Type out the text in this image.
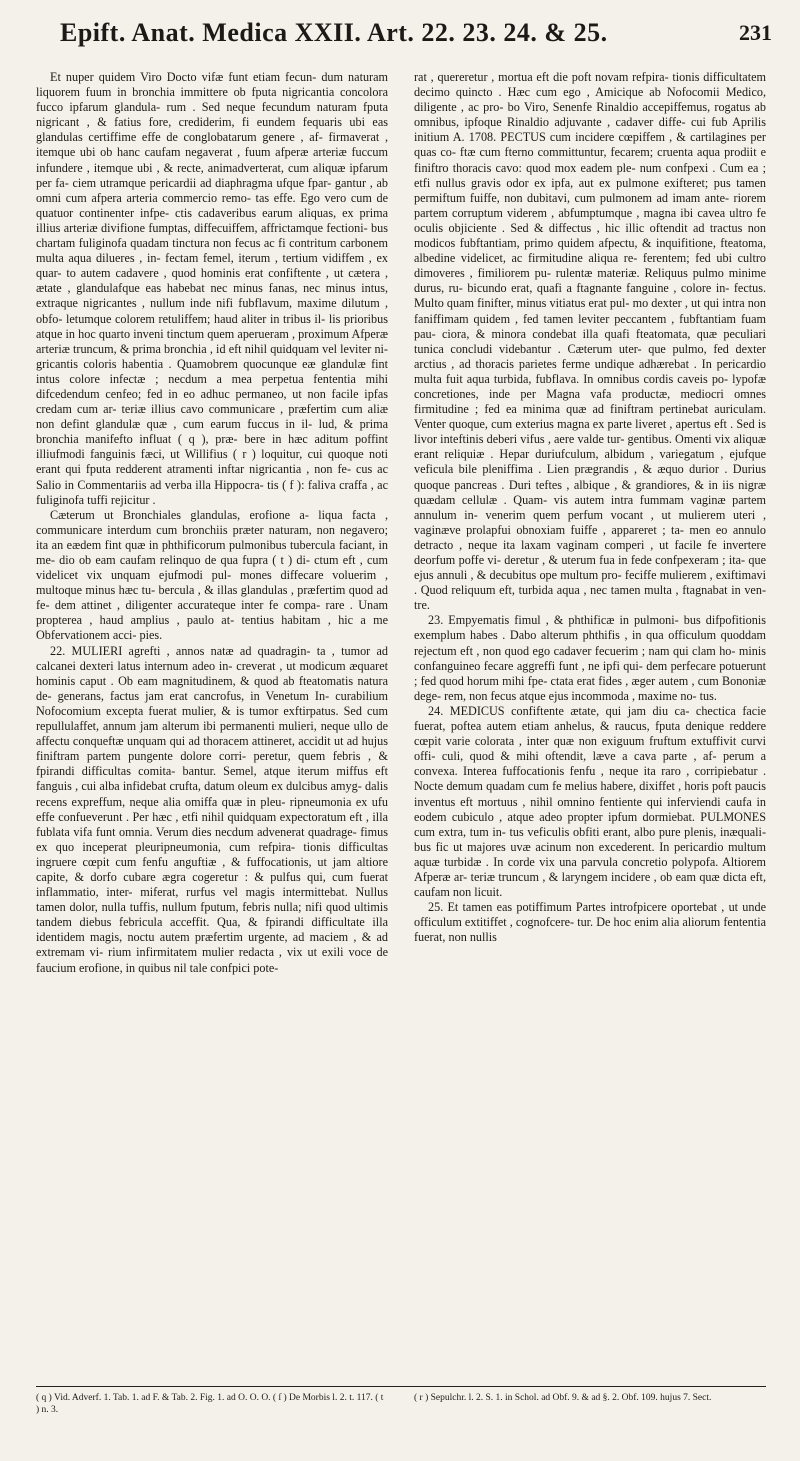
Epift. Anat. Medica XXII. Art. 22. 23. 24. & 25.	231

Et nuper quidem Viro Docto vifæ funt etiam fecun- dum naturam liquorem fuum in bronchia immittere ob fputa nigricantia concolora fucco ipfarum glandula- rum . Sed neque fecundum naturam fputa nigricant , & fatius fore, crediderim, fi eundem fequaris ubi eas glandulas certiffime effe de conglobatarum genere , af- firmaverat , itemque ubi ob hanc caufam negaverat , fuum afperæ arteriæ fuccum infundere , itemque ubi , & recte, animadverterat, cum aliquæ ipfarum per fa- ciem utramque pericardii ad diaphragma ufque fpar- gantur , ab omni cum afpera arteria commercio remo- tas effe. Ego vero cum de quatuor continenter infpe- ctis cadaveribus earum aliquas, ex prima illius arteriæ divifione fumptas, diffecuiffem, affrictamque fectioni- bus chartam fuliginofa quadam tinctura non fecus ac fi contritum carbonem multa aqua dilueres , in- fectam femel, iterum , tertium vidiffem , ex quar- to autem cadavere , quod hominis erat confiftente , ut cætera , ætate , glandulafque eas habebat nec minus fanas, nec minus intus, extraque nigricantes , nullum inde nifi fubflavum, maxime dilutum , obfo- letumque colorem retuliffem; haud aliter in tribus il- lis prioribus atque in hoc quarto inveni tinctum quem aperueram , proximum Afperæ arteriæ truncum, & prima bronchia , id eft nihil quidquam vel leviter ni- gricantis coloris habentia . Quamobrem quocunque eæ glandulæ fint intus colore infectæ ; necdum a mea perpetua fententia mihi difcedendum cenfeo; fed in eo adhuc permaneo, ut non facile ipfas credam cum ar- teriæ illius cavo communicare , præfertim cum aliæ non defint glandulæ quæ , cum earum fuccus in il- lud, & prima bronchia manifefto influat ( q ), præ- bere in hæc aditum poffint illiufmodi fanguinis fæci, ut Willifius ( r ) loquitur, cui quoque noti erant qui fputa redderent atramenti inftar nigricantia , non fe- cus ac Salio in Commentariis ad verba illa Hippocra- tis ( f ): faliva craffa , ac fuliginofa tuffi rejicitur .

Cæterum ut Bronchiales glandulas, erofione a- liqua facta , communicare interdum cum bronchiis præter naturam, non negavero; ita an eædem fint quæ in phthificorum pulmonibus tubercula faciant, in me- dio ob eam caufam relinquo de qua fupra ( t ) di- ctum eft , cum videlicet vix unquam ejufmodi pul- mones diffecare voluerim , multoque minus hæc tu- bercula , & illas glandulas , præfertim quod ad fe- dem attinet , diligenter accurateque inter fe compa- rare . Unam propterea , haud amplius , paulo at- tentius habitam , hic a me Obfervationem acci- pies.

22. MULIERI agrefti , annos natæ ad quadragin- ta , tumor ad calcanei dexteri latus internum adeo in- creverat , ut modicum æquaret hominis caput . Ob eam magnitudinem, & quod ab fteatomatis natura de- generans, factus jam erat cancrofus, in Venetum In- curabilium Nofocomium excepta fuerat mulier, & is tumor exftirpatus. Sed cum repullulaffet, annum jam alterum ibi permanenti mulieri, neque ullo de affectu conqueftæ unquam qui ad thoracem attineret, accidit ut ad hujus finiftram partem pungente dolore corri- peretur, quem febris , & fpirandi difficultas comita- bantur. Semel, atque iterum miffus eft fanguis , cui alba infidebat crufta, datum oleum ex dulcibus amyg- dalis recens expreffum, neque alia omiffa quæ in pleu- ripneumonia ex ufu effe confueverunt . Per hæc , etfi nihil quidquam expectoratum eft , illa fublata vifa funt omnia. Verum dies necdum advenerat quadrage- fimus ex quo inceperat pleuripneumonia, cum refpira- tionis difficultas ingruere cœpit cum fenfu anguftiæ , & fuffocationis, ut jam altiore capite, & dorfo cubare ægra cogeretur : & pulfus qui, cum fuerat inflammatio, inter- miferat, rurfus vel magis intermittebat. Nullus tamen dolor, nulla tuffis, nullum fputum, febris nulla; nifi quod ultimis tandem diebus febricula acceffit. Qua, & fpirandi difficultate illa identidem magis, noctu autem præfertim urgente, ad maciem , & ad extremam vi- rium infirmitatem mulier redacta , vix ut exili voce de faucium erofione, in quibus nil tale confpici pote-

rat , quereretur , mortua eft die poft novam refpira- tionis difficultatem decimo quincto . Hæc cum ego , Amicique ab Nofocomii Medico, diligente , ac pro- bo Viro, Senenfe Rinaldio accepiffemus, rogatus ab omnibus, ipfoque Rinaldio adjuvante , cadaver diffe- cui fub Aprilis initium A. 1708. PECTUS cum incidere cœpiffem , & cartilagines per quas co- ftæ cum fterno committuntur, fecarem; cruenta aqua prodiit e finiftro thoracis cavo: quod mox eadem ple- num confpexi . Cum ea ; etfi nullus gravis odor ex ipfa, aut ex pulmone exifteret; pus tamen permiftum fuiffe, non dubitavi, cum pulmonem ad imam ante- riorem partem corruptum viderem , abfumptumque , magna ibi cavea ultro fe oculis objiciente . Sed & diffectus , hic illic oftendit ad tractus non modicos fubftantiam, primo quidem afpectu, & inquifitione, fteatoma, albedine videlicet, ac firmitudine aliqua re- ferentem; fed ubi cultro dimoveres , fimiliorem pu- rulentæ materiæ. Reliquus pulmo minime durus, ru- bicundo erat, quafi a ftagnante fanguine , colore in- fectus. Multo quam finifter, minus vitiatus erat pul- mo dexter , ut qui intra non faniffimam quidem , fed tamen leviter peccantem , fubftantiam fuam pau- ciora, & minora condebat illa quafi fteatomata, quæ peculiari tunica concludi videbantur . Cæterum uter- que pulmo, fed dexter arctius , ad thoracis parietes ferme undique adhærebat . In pericardio multa fuit aqua turbida, fubflava. In omnibus cordis caveis po- lypofæ concretiones, inde per Magna vafa productæ, mediocri omnes firmitudine ; fed ea minima quæ ad finiftram pertinebat auriculam. Venter quoque, cum exterius magna ex parte liveret , apertus eft . Sed is livor inteftinis deberi vifus , aere valde tur- gentibus. Omenti vix aliquæ erant reliquiæ . Hepar duriufculum, albidum , variegatum , ejufque veficula bile pleniffima . Lien prægrandis , & æquo durior . Durius quoque pancreas . Duri teftes , albique , & grandiores, & in iis nigræ quædam cellulæ . Quam- vis autem intra fummam vaginæ partem annulum in- venerim quem perfum vocant , ut mulierem uteri , vaginæve prolapfui obnoxiam fuiffe , appareret ; ta- men eo annulo detracto , neque ita laxam vaginam comperi , ut facile fe invertere deorfum poffe vi- deretur , & uterum fua in fede confpexeram ; ita- que ejus annuli , & decubitus ope multum pro- feciffe mulierem , exiftimavi . Quod reliquum eft, turbida aqua , nec tamen multa , ftagnabat in ven- tre.

23. Empyematis fimul , & phthificæ in pulmoni- bus difpofitionis exemplum habes . Dabo alterum phthifis , in qua officulum quoddam rejectum eft , non quod ego cadaver fecuerim ; nam qui clam ho- minis confanguineo fecare aggreffi funt , ne ipfi qui- dem perfecare potuerunt ; fed quod horum mihi fpe- ctata erat fides , æger autem , cum Bononiæ dege- rem, non fecus atque ejus incommoda , maxime no- tus.

24. MEDICUS confiftente ætate, qui jam diu ca- chectica facie fuerat, poftea autem etiam anhelus, & raucus, fputa denique reddere cœpit varie colorata , inter quæ non exiguum fruftum extuffivit curvi offi- culi, quod & mihi oftendit, læve a cava parte , af- perum a convexa. Interea fuffocationis fenfu , neque ita raro , corripiebatur . Nocte demum quadam cum fe melius habere, dixiffet , horis poft paucis inventus eft mortuus , nihil omnino fentiente qui inferviendi caufa in eodem cubiculo , atque adeo propter ipfum dormiebat. PULMONES cum extra, tum in- tus veficulis obfiti erant, albo pure plenis, inæquali- bus fic ut majores uvæ acinum non excederent. In pericardio multum aquæ turbidæ . In corde vix una parvula concretio polypofa. Altiorem Afperæ ar- teriæ truncum , & laryngem incidere , ob eam quæ dicta eft, caufam non licuit.

25. Et tamen eas potiffimum Partes introfpicere oportebat , ut unde officulum extitiffet , cognofcere- tur. De hoc enim alia aliorum fententia fuerat, non nullis

( q ) Vid. Adverf. 1. Tab. 1. ad F. & Tab. 2. Fig. 1. ad O. O. O. ( ſ ) De Morbis l. 2. t. 117. ( t ) n. 3.
( r ) Sepulchr. l. 2. S. 1. in Schol. ad Obf. 9. & ad §. 2. Obf. 109. hujus 7. Sect.
